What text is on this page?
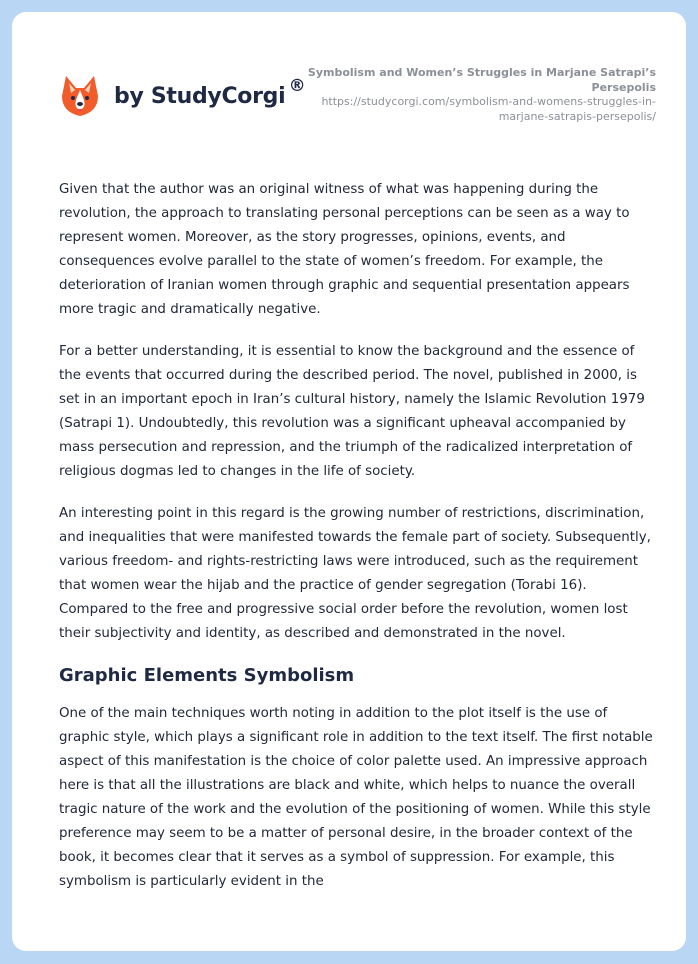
by StudyCorgi ®
Symbolism and Women’s Struggles in Marjane Satrapi’s Persepolis
https://studycorgi.com/symbolism-and-womens-struggles-in-marjane-satrapis-persepolis/

Given that the author was an original witness of what was happening during the revolution, the approach to translating personal perceptions can be seen as a way to represent women. Moreover, as the story progresses, opinions, events, and consequences evolve parallel to the state of women’s freedom. For example, the deterioration of Iranian women through graphic and sequential presentation appears more tragic and dramatically negative.

For a better understanding, it is essential to know the background and the essence of the events that occurred during the described period. The novel, published in 2000, is set in an important epoch in Iran’s cultural history, namely the Islamic Revolution 1979 (Satrapi 1). Undoubtedly, this revolution was a significant upheaval accompanied by mass persecution and repression, and the triumph of the radicalized interpretation of religious dogmas led to changes in the life of society.

An interesting point in this regard is the growing number of restrictions, discrimination, and inequalities that were manifested towards the female part of society. Subsequently, various freedom- and rights-restricting laws were introduced, such as the requirement that women wear the hijab and the practice of gender segregation (Torabi 16). Compared to the free and progressive social order before the revolution, women lost their subjectivity and identity, as described and demonstrated in the novel.

Graphic Elements Symbolism

One of the main techniques worth noting in addition to the plot itself is the use of graphic style, which plays a significant role in addition to the text itself. The first notable aspect of this manifestation is the choice of color palette used. An impressive approach here is that all the illustrations are black and white, which helps to nuance the overall tragic nature of the work and the evolution of the positioning of women. While this style preference may seem to be a matter of personal desire, in the broader context of the book, it becomes clear that it serves as a symbol of suppression. For example, this symbolism is particularly evident in the
